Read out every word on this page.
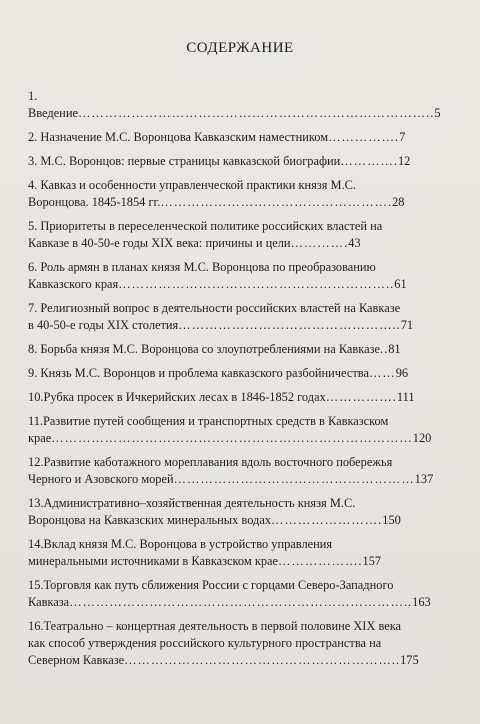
СОДЕРЖАНИЕ
1. Введение……………………………………………………………………..5
2. Назначение М.С. Воронцова Кавказским наместником…………….7
3. М.С. Воронцов: первые страницы кавказской биографии………….12
4. Кавказ и особенности управленческой практики князя М.С.
Воронцова. 1845-1854 гг.…………………………………………….28
5. Приоритеты в переселенческой политике российских властей на
Кавказе в 40-50-е годы XIX века: причины и цели………….43
6. Роль армян в планах князя М.С. Воронцова по преобразованию
Кавказского края……………………………………………………..61
7. Религиозный вопрос в деятельности российских властей на Кавказе
в 40-50-е годы XIX столетия…………………………………………..71
8. Борьба князя М.С. Воронцова со злоупотреблениями на Кавказе..81
9. Князь М.С. Воронцов и проблема кавказского разбойничества……96
10.Рубка просек в Ичкерийских лесах в 1846-1852 годах…………….111
11.Развитие путей сообщения и транспортных средств в Кавказском
крае………………………………………………………………………120
12.Развитие каботажного мореплавания вдоль восточного побережья
Черного и Азовского морей………………………………………………137
13.Административно–хозяйственная деятельность князя М.С.
Воронцова на Кавказских минеральных водах…………………….150
14.Вклад князя М.С. Воронцова в устройство управления
минеральными источниками в Кавказском крае……………….157
15.Торговля как путь сближения России с горцами Северо-Западного
Кавказа…………………………………………………………………..163
16.Театрально – концертная деятельность в первой половине XIX века
как способ утверждения российского культурного пространства на
Северном Кавказе……………………………………………………..175
